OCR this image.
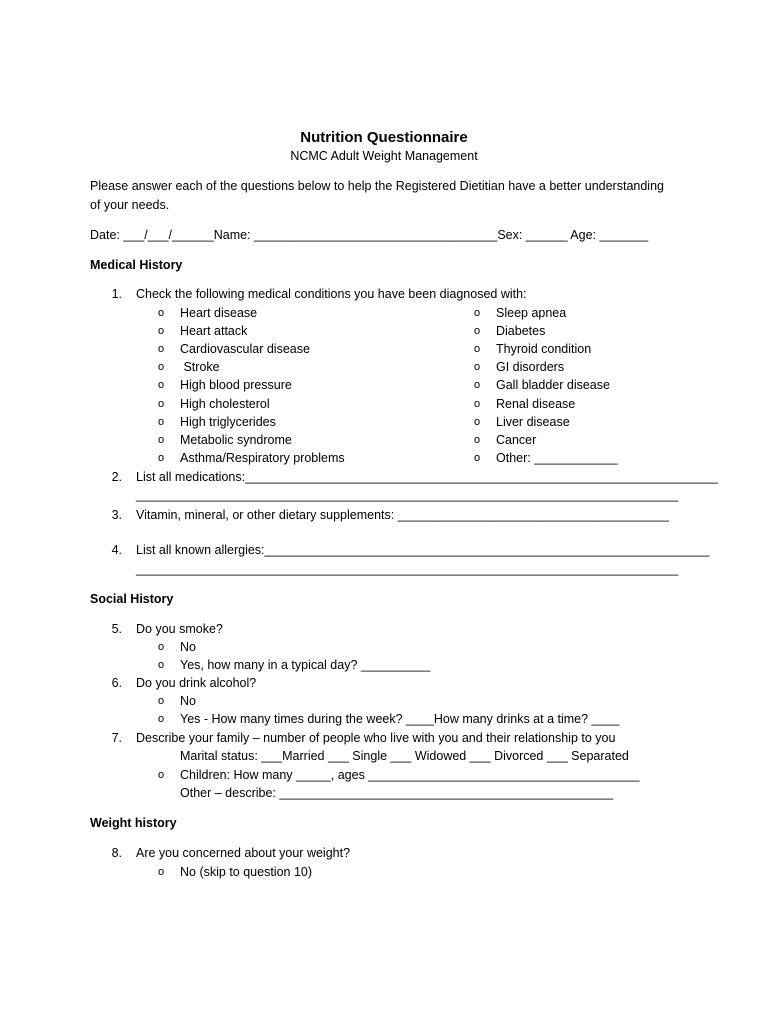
Nutrition Questionnaire
NCMC Adult Weight Management
Please answer each of the questions below to help the Registered Dietitian have a better understanding
of your needs.
Date: ___/___/______Name: ___________________________________Sex: ______ Age: _______
Medical History
1. Check the following medical conditions you have been diagnosed with:
o Heart disease
o Heart attack
o Cardiovascular disease
o Stroke
o High blood pressure
o High cholesterol
o High triglycerides
o Metabolic syndrome
o Asthma/Respiratory problems
o Sleep apnea
o Diabetes
o Thyroid condition
o GI disorders
o Gall bladder disease
o Renal disease
o Liver disease
o Cancer
o Other: ____________
2. List all medications:____________________________________________________________________
______________________________________________________________________________
3. Vitamin, mineral, or other dietary supplements: _______________________________________
4. List all known allergies:________________________________________________________________
______________________________________________________________________________
Social History
5. Do you smoke?
o No
o Yes, how many in a typical day? __________
6. Do you drink alcohol?
o No
o Yes - How many times during the week? ____How many drinks at a time? ____
7. Describe your family – number of people who live with you and their relationship to you
Marital status: ___Married ___ Single ___ Widowed ___ Divorced ___ Separated
o Children: How many _____, ages _______________________________________
Other – describe: ________________________________________________
Weight history
8. Are you concerned about your weight?
o No (skip to question 10)
